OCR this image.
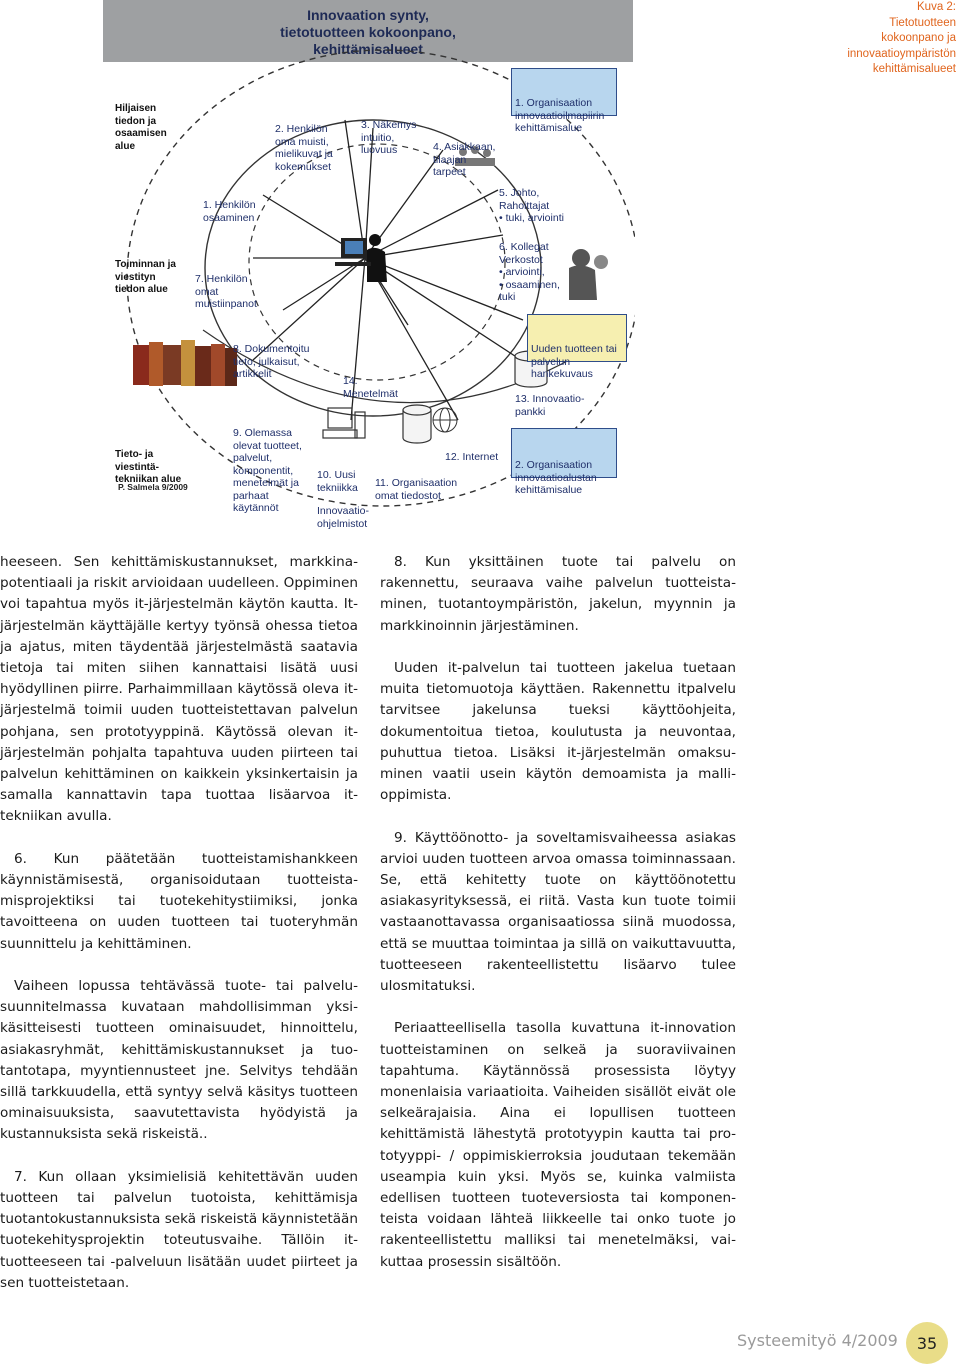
Innovaation synty,
tietotuotteen kokoonpano,
kehittämisalueet

Hiljaisen
tiedon ja
osaamisen
alue

Toiminnan ja
viestityn
tiedon alue

Tieto- ja
viestintä-
tekniikan alue

P. Salmela 9/2009

1. Organisaation
innovaatioilmapiirin
kehittämisalue

2. Henkilön
oma muisti,
mielikuvat ja
kokemukset

3. Näkemys
intuitio,
luovuus

	4. Asiakkaan,
tilaajan
tarpeet

5. Johto,
Rahoittajat
• tuki, arviointi

6. Kollegat
Verkostot
• arviointi,
• osaaminen,
tuki

1. Henkilön
osaaminen

7. Henkilön
omat
muistiinpanot

8. Dokumentoitu
tieto, julkaisut,
artikkelit

14.
Menetelmät

Uuden tuotteen tai
palvelun
hankekuvaus

13. Innovaatio-
pankki

9. Olemassa
olevat tuotteet,
palvelut,
komponentit,
menetelmät ja
parhaat
käytännöt

12. Internet

2. Organisaation
innovaatioalustan
kehittämisalue

10. Uusi
tekniikka

11. Organisaation
omat tiedostot

Innovaatio-
ohjelmistot

Kuva 2:
Tietotuotteen
kokoonpano ja
innovaatioympäristön
kehittämisalueet

heeseen. Sen kehittämiskustannukset, markkinapotentiaali ja riskit arvioidaan uudelleen. Oppiminen voi tapahtua myös it-järjestelmän käytön kautta. It-järjestelmän käyttäjälle kertyy työnsä ohessa tietoa ja ajatus, miten täydentää järjestelmästä saatavia tietoja tai miten siihen kannattaisi lisätä uusi hyödyllinen piirre. Parhaimmillaan käytössä oleva it-järjestelmä toimii uuden tuotteistettavan palvelun pohjana, sen prototyyppinä. Käytössä olevan it-järjestelmän pohjalta tapahtuva uuden piirteen tai palvelun kehittäminen on kaikkein yksinkertaisin ja samalla kannattavin tapa tuottaa lisäarvoa it-tekniikan avulla.

6. Kun päätetään tuotteistamishankkeen käynnistämisestä, organisoidutaan tuotteistamisprojektiksi tai tuotekehitystiimiksi, jonka tavoitteena on uuden tuotteen tai tuoteryhmän suunnittelu ja kehittäminen.

Vaiheen lopussa tehtävässä tuote- tai palvelusuunnitelmassa kuvataan mahdollisimman yksikäsitteisesti tuotteen ominaisuudet, hinnoittelu, asiakasryhmät, kehittämiskustannukset ja tuotantotapa, myyntiennusteet jne. Selvitys tehdään sillä tarkkuudella, että syntyy selvä käsitys tuotteen ominaisuuksista, saavutettavista hyödyistä ja kustannuksista sekä riskeistä..

7. Kun ollaan yksimielisiä kehitettävän uuden tuotteen tai palvelun tuotoista, kehittämisja tuotantokustannuksista sekä riskeistä käynnistetään tuotekehitysprojektin toteutusvaihe. Tällöin it-tuotteeseen tai -palveluun lisätään uudet piirteet ja sen tuotteistetaan.

8. Kun yksittäinen tuote tai palvelu on rakennettu, seuraava vaihe palvelun tuotteistaminen, tuotantoympäristön, jakelun, myynnin ja markkinoinnin järjestäminen.

Uuden it-palvelun tai tuotteen jakelua tuetaan muita tietomuotoja käyttäen. Rakennettu itpalvelu tarvitsee jakelunsa tueksi käyttöohjeita, dokumentoitua tietoa, koulutusta ja neuvontaa, puhuttua tietoa. Lisäksi it-järjestelmän omaksuminen vaatii usein käytön demoamista ja mallioppimista.

9. Käyttöönotto- ja soveltamisvaiheessa asiakas arvioi uuden tuotteen arvoa omassa toiminnassaan. Se, että kehitetty tuote on käyttöönotettu asiakasyrityksessä, ei riitä. Vasta kun tuote toimii vastaanottavassa organisaatiossa siinä muodossa, että se muuttaa toimintaa ja sillä on vaikuttavuutta, tuotteeseen rakenteellistettu lisäarvo tulee ulosmitatuksi.

Periaatteellisella tasolla kuvattuna it-innovation tuotteistaminen on selkeä ja suoraviivainen tapahtuma. Käytännössä prosessista löytyy monenlaisia variaatioita. Vaiheiden sisällöt eivät ole selkeärajaisia. Aina ei lopullisen tuotteen kehittämistä lähestytä prototyypin kautta tai prototyyppi- / oppimiskierroksia joudutaan tekemään useampia kuin yksi. Myös se, kuinka valmiista edellisen tuotteen tuoteversiosta tai komponenteista voidaan lähteä liikkeelle tai onko tuote jo rakenteellistettu malliksi tai menetelmäksi, vaikuttaa prosessin sisältöön.

Systeemityö 4/2009	35
